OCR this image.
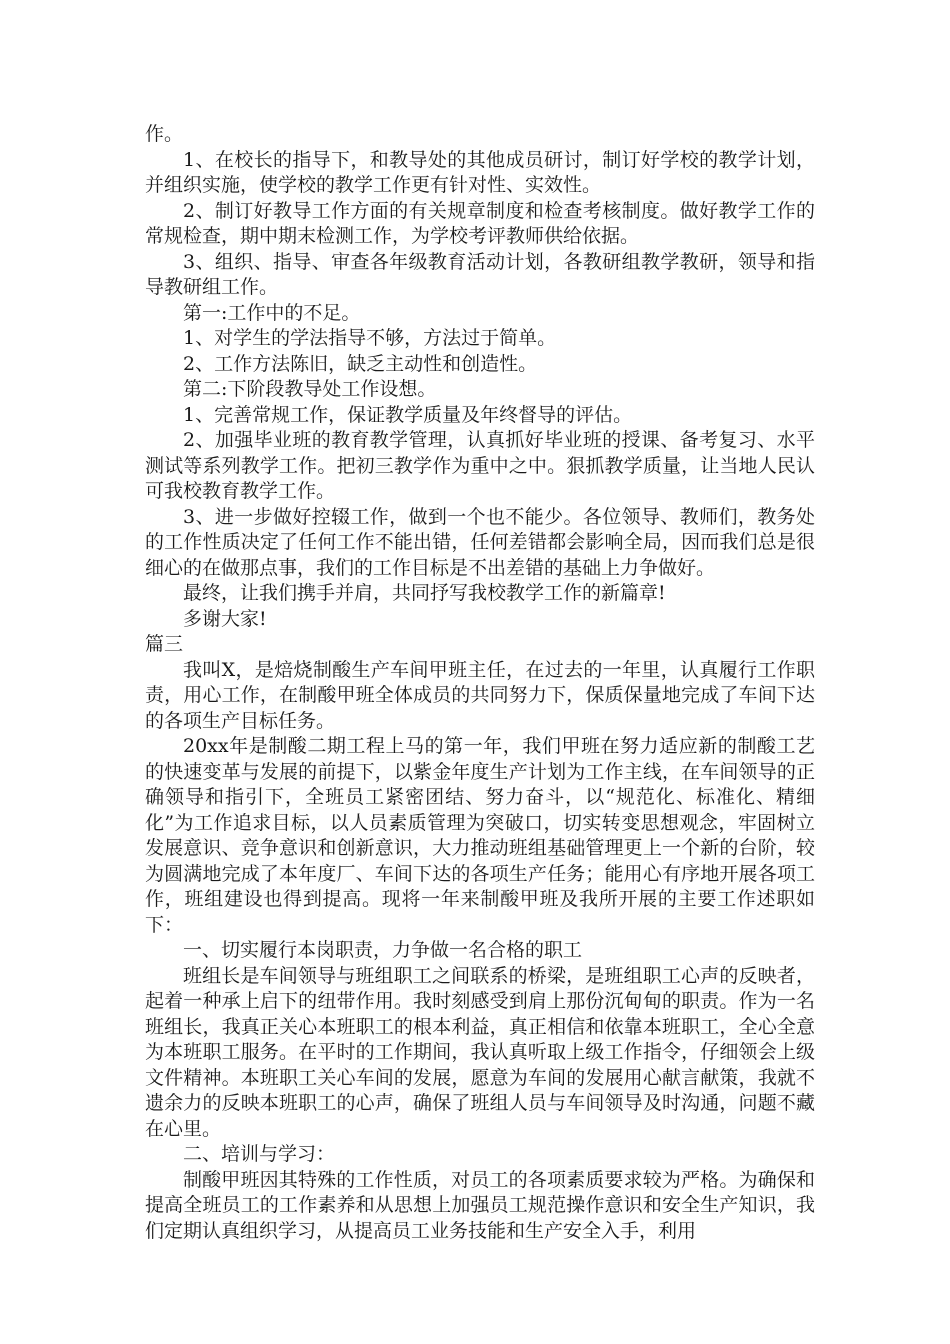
作。

1、在校长的指导下，和教导处的其他成员研讨，制订好学校的教学计划，并组织实施，使学校的教学工作更有针对性、实效性。

2、制订好教导工作方面的有关规章制度和检查考核制度。做好教学工作的常规检查，期中期末检测工作，为学校考评教师供给依据。

3、组织、指导、审查各年级教育活动计划，各教研组教学教研，领导和指导教研组工作。

第一:工作中的不足。

1、对学生的学法指导不够，方法过于简单。

2、工作方法陈旧，缺乏主动性和创造性。

第二:下阶段教导处工作设想。

1、完善常规工作，保证教学质量及年终督导的评估。

2、加强毕业班的教育教学管理，认真抓好毕业班的授课、备考复习、水平测试等系列教学工作。把初三教学作为重中之中。狠抓教学质量，让当地人民认可我校教育教学工作。

3、进一步做好控辍工作，做到一个也不能少。各位领导、教师们，教务处的工作性质决定了任何工作不能出错，任何差错都会影响全局，因而我们总是很细心的在做那点事，我们的工作目标是不出差错的基础上力争做好。

最终，让我们携手并肩，共同抒写我校教学工作的新篇章!

多谢大家!

篇三

我叫X，是焙烧制酸生产车间甲班主任，在过去的一年里，认真履行工作职责，用心工作，在制酸甲班全体成员的共同努力下，保质保量地完成了车间下达的各项生产目标任务。

20xx年是制酸二期工程上马的第一年，我们甲班在努力适应新的制酸工艺的快速变革与发展的前提下，以紫金年度生产计划为工作主线，在车间领导的正确领导和指引下，全班员工紧密团结、努力奋斗，以“规范化、标准化、精细化”为工作追求目标，以人员素质管理为突破口，切实转变思想观念，牢固树立发展意识、竞争意识和创新意识，大力推动班组基础管理更上一个新的台阶，较为圆满地完成了本年度厂、车间下达的各项生产任务；能用心有序地开展各项工作，班组建设也得到提高。现将一年来制酸甲班及我所开展的主要工作述职如下：

一、切实履行本岗职责，力争做一名合格的职工

班组长是车间领导与班组职工之间联系的桥梁，是班组职工心声的反映者，起着一种承上启下的纽带作用。我时刻感受到肩上那份沉甸甸的职责。作为一名班组长，我真正关心本班职工的根本利益，真正相信和依靠本班职工，全心全意为本班职工服务。在平时的工作期间，我认真听取上级工作指令，仔细领会上级文件精神。本班职工关心车间的发展，愿意为车间的发展用心献言献策，我就不遗余力的反映本班职工的心声，确保了班组人员与车间领导及时沟通，问题不藏在心里。

二、培训与学习：

制酸甲班因其特殊的工作性质，对员工的各项素质要求较为严格。为确保和提高全班员工的工作素养和从思想上加强员工规范操作意识和安全生产知识，我们定期认真组织学习，从提高员工业务技能和生产安全入手，利用
